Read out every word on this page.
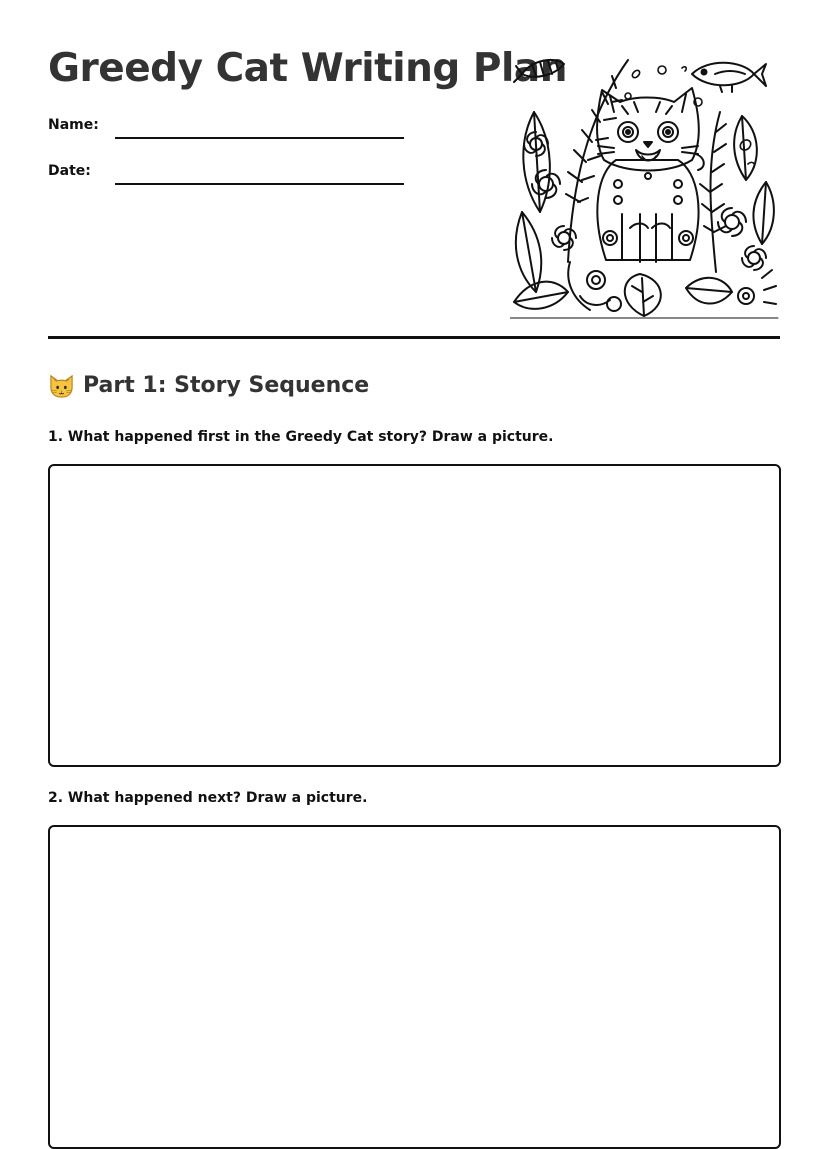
Greedy Cat Writing Plan
Name:
Date:
Part 1: Story Sequence

1. What happened first in the Greedy Cat story? Draw a picture.

2. What happened next? Draw a picture.
